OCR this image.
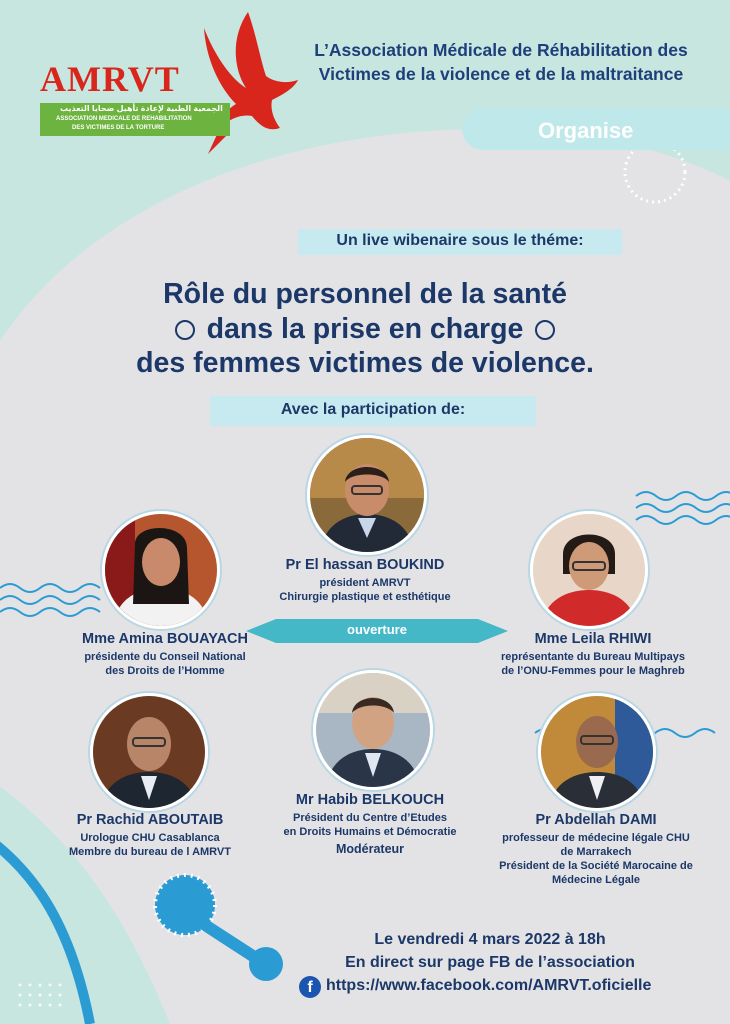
AMRVT
الجمعية الطبية لإعادة تأهيل ضحايا التعذيب
ASSOCIATION MEDICALE DE REHABILITATION
DES VICTIMES DE LA TORTURE
L’Association Médicale de Réhabilitation des
Victimes de la violence et de la maltraitance
Organise
Un live wibenaire sous le théme:
Rôle du personnel de la santé
dans la prise en charge
des femmes victimes de violence.
Avec la participation de:
Pr El hassan BOUKIND
président AMRVT
Chirurgie plastique et esthétique
ouverture
Mme Amina BOUAYACH
présidente du Conseil National
des Droits de l’Homme
Mme Leila RHIWI
représentante du Bureau Multipays
de l’ONU-Femmes pour le Maghreb
Pr Rachid ABOUTAIB
Urologue CHU Casablanca
Membre du bureau de l AMRVT
Mr Habib BELKOUCH
Président du Centre d’Etudes
en Droits Humains et Démocratie
Modérateur
Pr Abdellah DAMI
professeur de médecine légale CHU
de Marrakech
Président de la Société Marocaine de
Médecine Légale
Le vendredi 4 mars 2022 à 18h
En direct sur page FB de l’association
f https://www.facebook.com/AMRVT.oficielle
